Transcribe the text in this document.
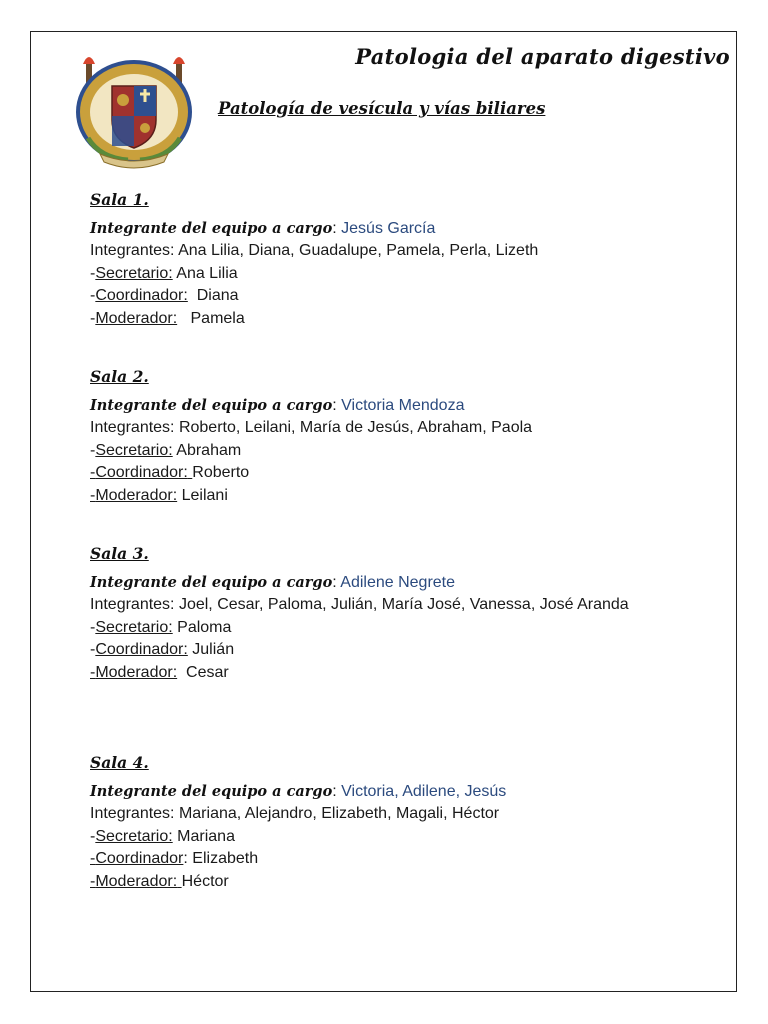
Patologia del aparato digestivo
Patología de vesícula y vías biliares
Sala 1.
Integrante del equipo a cargo: Jesús García
Integrantes: Ana Lilia, Diana, Guadalupe, Pamela, Perla, Lizeth
-Secretario: Ana Lilia
-Coordinador: Diana
-Moderador: Pamela
Sala 2.
Integrante del equipo a cargo: Victoria Mendoza
Integrantes: Roberto, Leilani, María de Jesús, Abraham, Paola
-Secretario: Abraham
-Coordinador: Roberto
-Moderador: Leilani
Sala 3.
Integrante del equipo a cargo: Adilene Negrete
Integrantes: Joel, Cesar, Paloma, Julián, María José, Vanessa, José Aranda
-Secretario: Paloma
-Coordinador: Julián
-Moderador: Cesar
Sala 4.
Integrante del equipo a cargo: Victoria, Adilene, Jesús
Integrantes: Mariana, Alejandro, Elizabeth, Magali, Héctor
-Secretario: Mariana
-Coordinador: Elizabeth
-Moderador: Héctor
